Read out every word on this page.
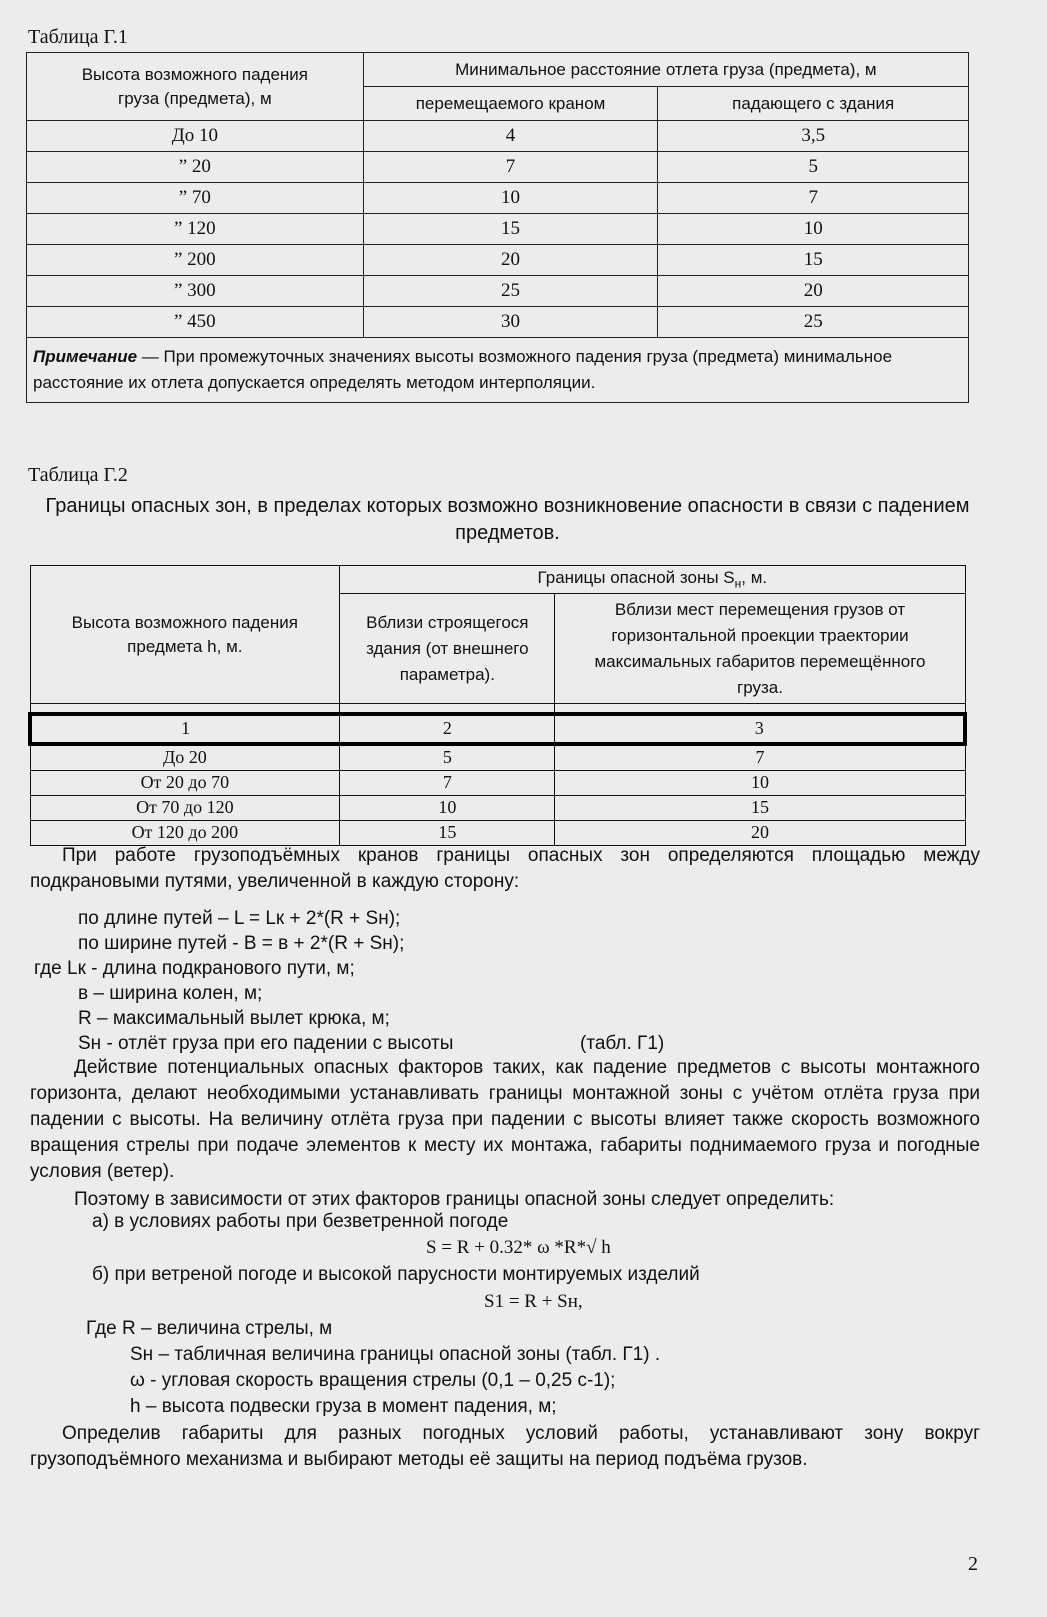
Таблица Г.1
Высота возможного падения груза (предмета), м	Минимальное расстояние отлета груза (предмета), м	
	перемещаемого краном	падающего с здания
До 10	4	3,5
” 20	7	5
” 70	10	7
” 120	15	10
” 200	20	15
” 300	25	20
” 450	30	25
Примечание — При промежуточных значениях высоты возможного падения груза (предмета) минимальное расстояние их отлета допускается определять методом интерполяции.		
Таблица Г.2
Границы опасных зон, в пределах которых возможно возникновение опасности в связи с падением предметов.
Высота возможного падения предмета h, м.	Границы опасной зоны $S_н$, м.	
	Вблизи строящегося здания (от внешнего параметра).	Вблизи мест перемещения грузов от горизонтальной проекции траектории максимальных габаритов перемещённого груза.

1	2	3
До 20	5	7
От 20 до 70	7	10
От 70 до 120	10	15
От 120 до 200	15	20
При работе грузоподъёмных кранов границы опасных зон определяются площадью между подкрановыми путями, увеличенной в каждую сторону:
по длине путей – L = Lк + 2*(R + Sн);
по ширине путей - В = в + 2*(R + Sн);
где Lк - длина подкранового пути, м;
в – ширина колен, м;
R – максимальный вылет крюка, м;
Sн - отлёт груза при его падении с высоты	(табл. Г1)
Действие потенциальных опасных факторов таких, как падение предметов с высоты монтажного горизонта, делают необходимыми устанавливать границы монтажной зоны с учётом отлёта груза при падении с высоты. На величину отлёта груза при падении с высоты влияет также скорость возможного вращения стрелы при подаче элементов к месту их монтажа, габариты поднимаемого груза и погодные условия (ветер).
Поэтому в зависимости от этих факторов границы опасной зоны следует определить:
а) в условиях работы при безветренной погоде
S = R + 0.32* ω *R*√ h
б) при ветреной погоде и высокой парусности монтируемых изделий
S1 = R + Sн,
Где R – величина стрелы, м
Sн – табличная величина границы опасной зоны (табл. Г1) .
ω - угловая скорость вращения стрелы (0,1 – 0,25 с-1);
h – высота подвески груза в момент падения, м;
Определив габариты для разных погодных условий работы, устанавливают зону вокруг грузоподъёмного механизма и выбирают методы её защиты на период подъёма грузов.
2
